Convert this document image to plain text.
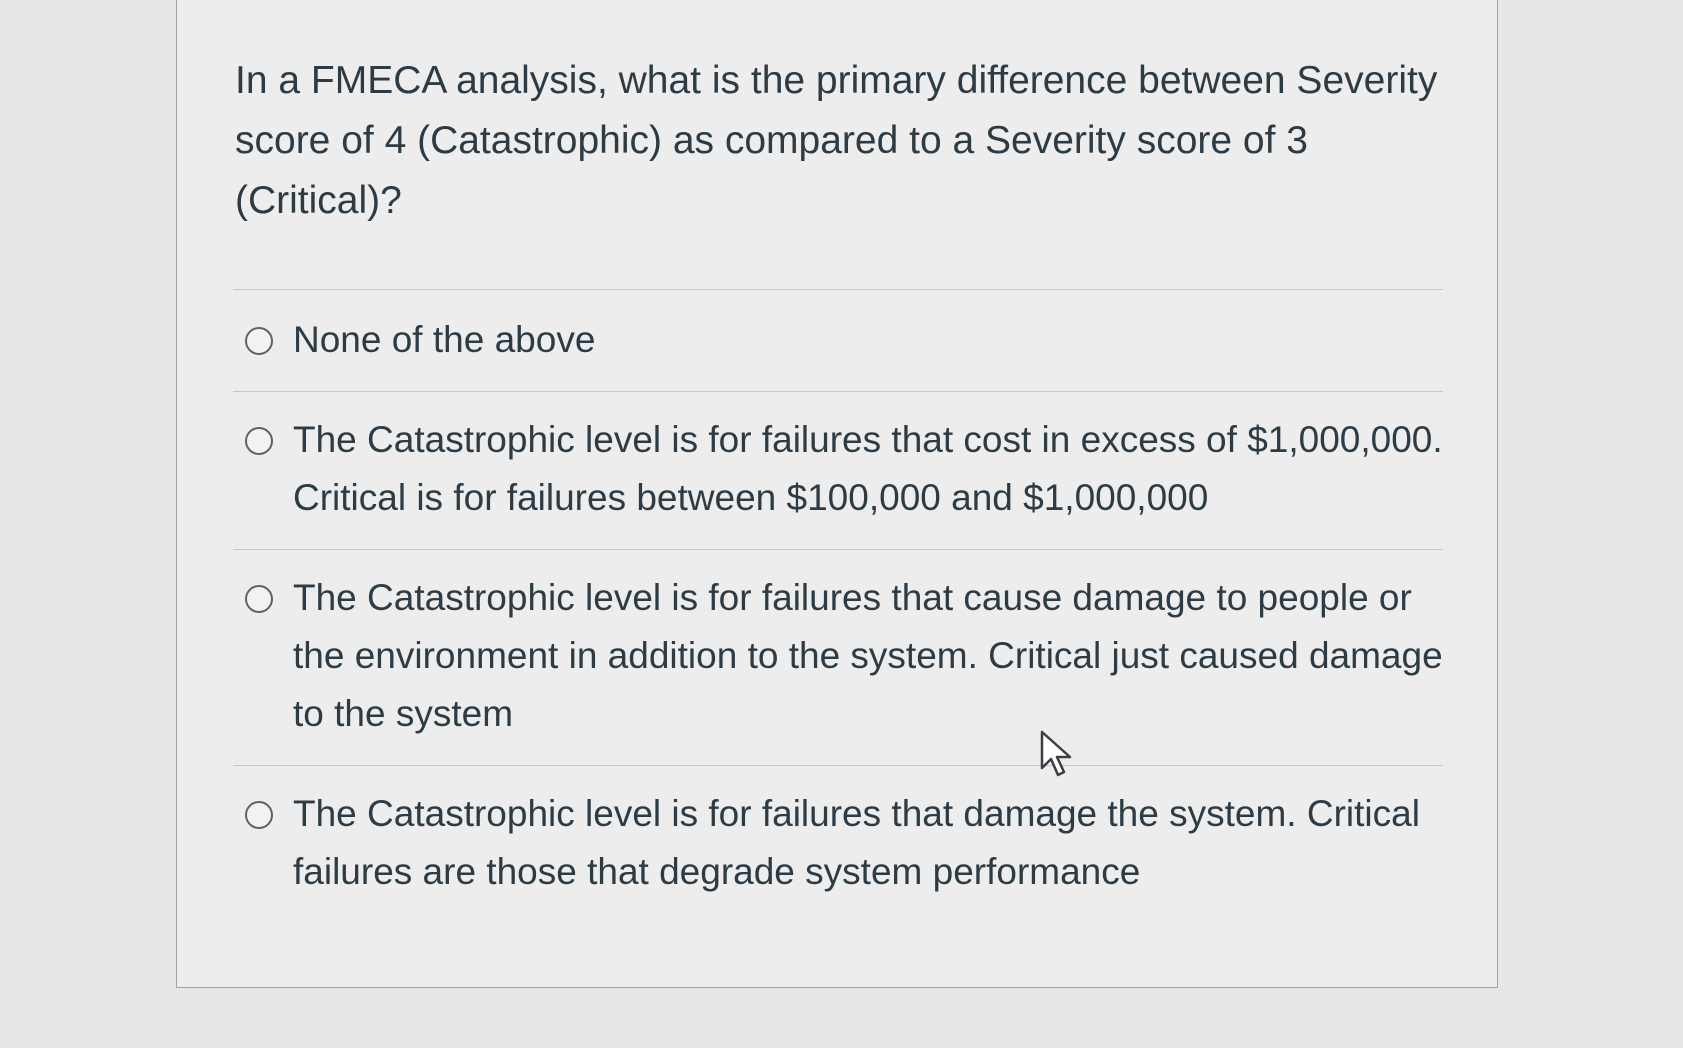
In a FMECA analysis, what is the primary difference between Severity score of 4 (Catastrophic) as compared to a Severity score of 3 (Critical)?

None of the above
The Catastrophic level is for failures that cost in excess of $1,000,000. Critical is for failures between $100,000 and $1,000,000
The Catastrophic level is for failures that cause damage to people or the environment in addition to the system. Critical just caused damage to the system
The Catastrophic level is for failures that damage the system. Critical failures are those that degrade system performance
